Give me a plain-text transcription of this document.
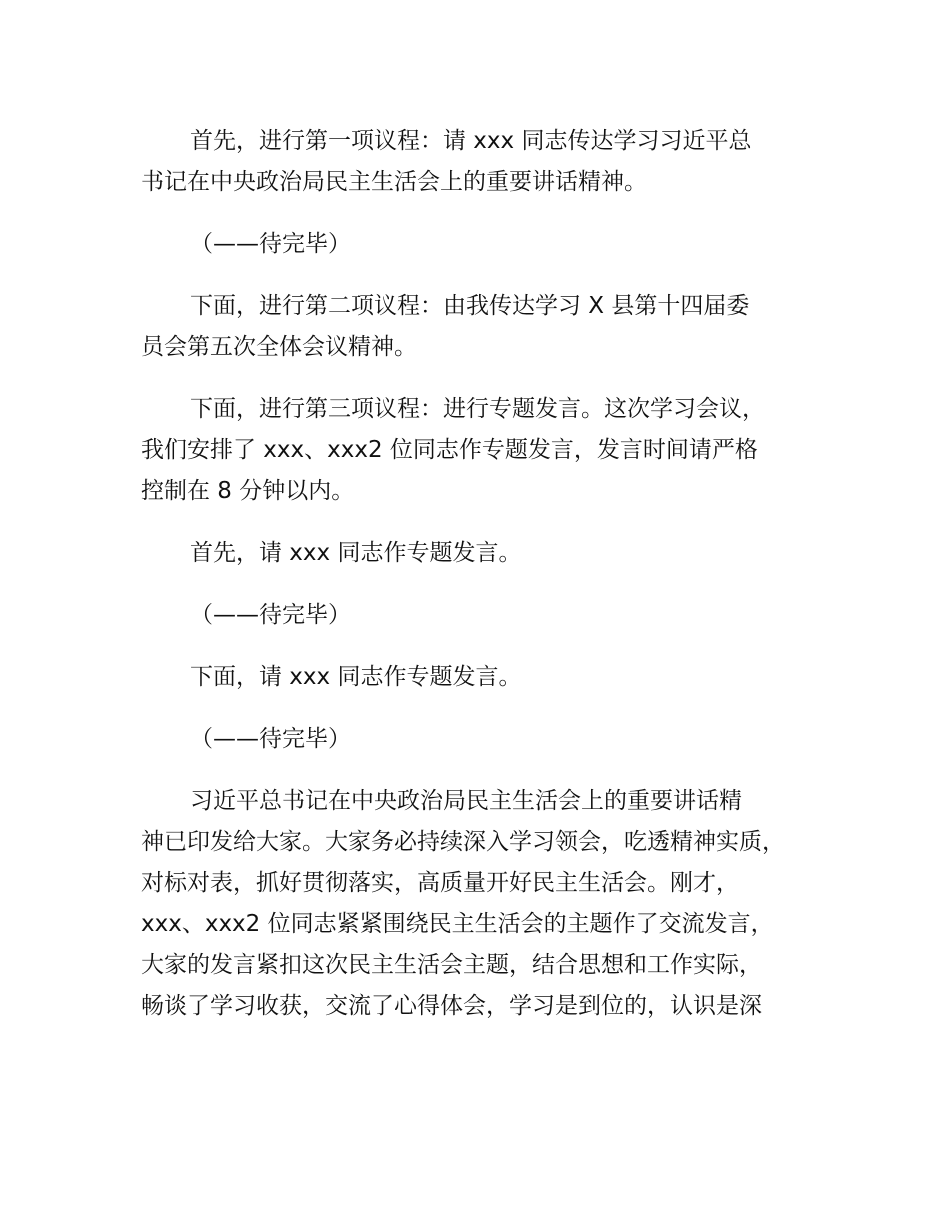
首先，进行第一项议程：请 xxx 同志传达学习习近平总
书记在中央政治局民主生活会上的重要讲话精神。

（——待完毕）

下面，进行第二项议程：由我传达学习 X 县第十四届委
员会第五次全体会议精神。

下面，进行第三项议程：进行专题发言。这次学习会议，
我们安排了 xxx、xxx2 位同志作专题发言，发言时间请严格
控制在 8 分钟以内。

首先，请 xxx 同志作专题发言。

（——待完毕）

下面，请 xxx 同志作专题发言。

（——待完毕）

习近平总书记在中央政治局民主生活会上的重要讲话精
神已印发给大家。大家务必持续深入学习领会，吃透精神实质，
对标对表，抓好贯彻落实，高质量开好民主生活会。刚才，
xxx、xxx2 位同志紧紧围绕民主生活会的主题作了交流发言，
大家的发言紧扣这次民主生活会主题，结合思想和工作实际，
畅谈了学习收获，交流了心得体会，学习是到位的，认识是深
